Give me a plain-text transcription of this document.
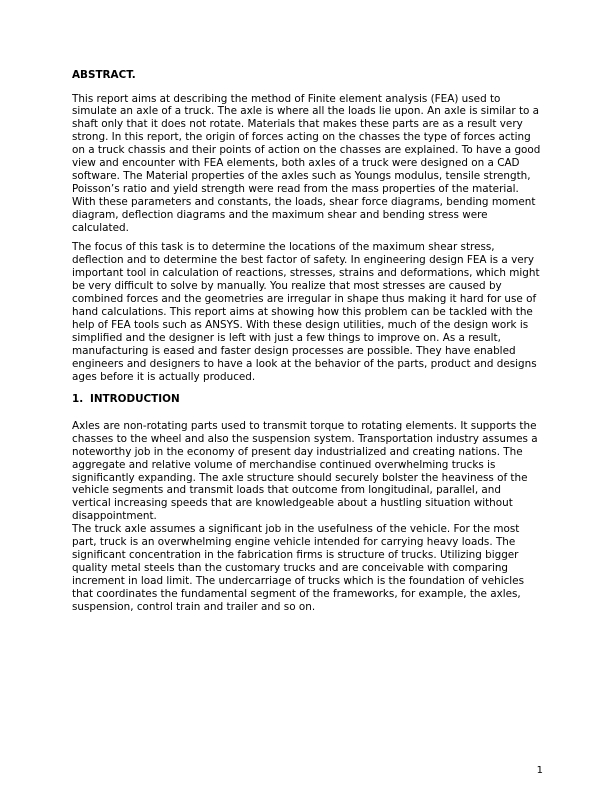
ABSTRACT.

This report aims at describing the method of Finite element analysis (FEA) used to simulate an axle of a truck. The axle is where all the loads lie upon. An axle is similar to a shaft only that it does not rotate. Materials that makes these parts are as a result very strong. In this report, the origin of forces acting on the chasses the type of forces acting on a truck chassis and their points of action on the chasses are explained. To have a good view and encounter with FEA elements, both axles of a truck were designed on a CAD software. The Material properties of the axles such as Youngs modulus, tensile strength, Poisson’s ratio and yield strength were read from the mass properties of the material. With these parameters and constants, the loads, shear force diagrams, bending moment diagram, deflection diagrams and the maximum shear and bending stress were calculated.

The focus of this task is to determine the locations of the maximum shear stress, deflection and to determine the best factor of safety. In engineering design FEA is a very important tool in calculation of reactions, stresses, strains and deformations, which might be very difficult to solve by manually. You realize that most stresses are caused by combined forces and the geometries are irregular in shape thus making it hard for use of hand calculations. This report aims at showing how this problem can be tackled with the help of FEA tools such as ANSYS. With these design utilities, much of the design work is simplified and the designer is left with just a few things to improve on. As a result, manufacturing is eased and faster design processes are possible. They have enabled engineers and designers to have a look at the behavior of the parts, product and designs ages before it is actually produced.

1. INTRODUCTION

Axles are non-rotating parts used to transmit torque to rotating elements. It supports the chasses to the wheel and also the suspension system. Transportation industry assumes a noteworthy job in the economy of present day industrialized and creating nations. The aggregate and relative volume of merchandise continued overwhelming trucks is significantly expanding. The axle structure should securely bolster the heaviness of the vehicle segments and transmit loads that outcome from longitudinal, parallel, and vertical increasing speeds that are knowledgeable about a hustling situation without disappointment.

The truck axle assumes a significant job in the usefulness of the vehicle. For the most part, truck is an overwhelming engine vehicle intended for carrying heavy loads. The significant concentration in the fabrication firms is structure of trucks. Utilizing bigger quality metal steels than the customary trucks and are conceivable with comparing increment in load limit. The undercarriage of trucks which is the foundation of vehicles that coordinates the fundamental segment of the frameworks, for example, the axles, suspension, control train and trailer and so on.

1
